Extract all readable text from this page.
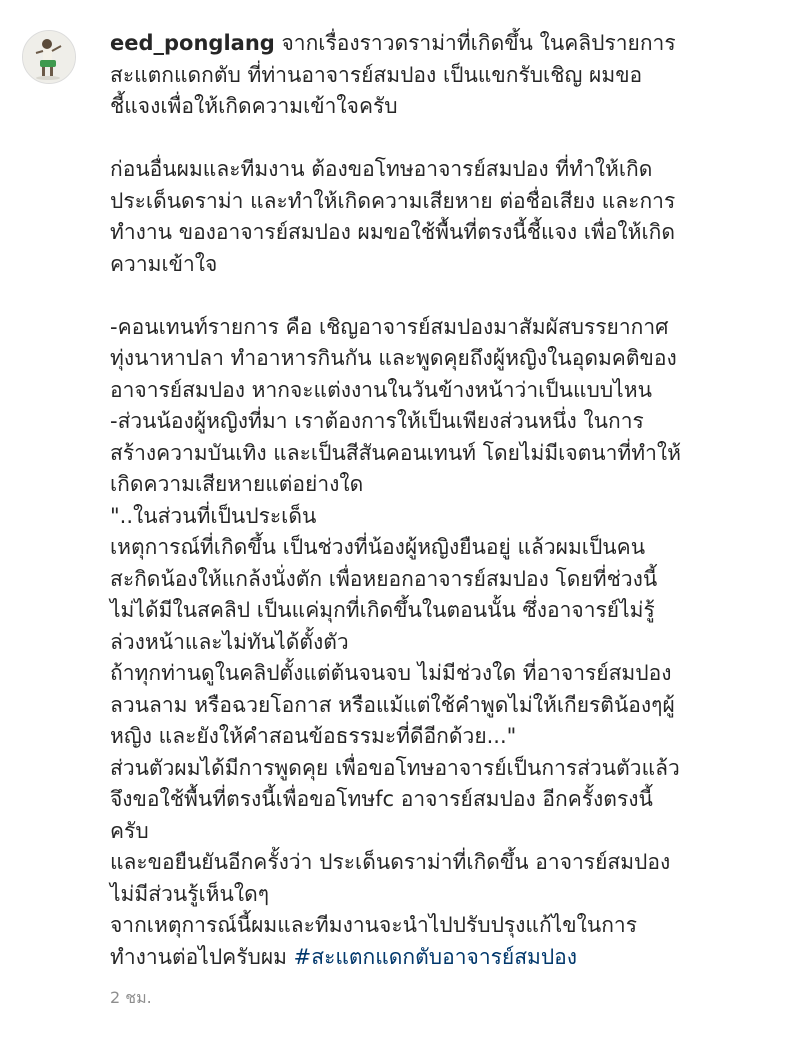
eed_ponglang จากเรื่องราวดราม่าที่เกิดขึ้น ในคลิปรายการ
สะแตกแดกตับ ที่ท่านอาจารย์สมปอง เป็นแขกรับเชิญ ผมขอ
ชี้แจงเพื่อให้เกิดความเข้าใจครับ

ก่อนอื่นผมและทีมงาน ต้องขอโทษอาจารย์สมปอง ที่ทำให้เกิด
ประเด็นดราม่า และทำให้เกิดความเสียหาย ต่อชื่อเสียง และการ
ทำงาน ของอาจารย์สมปอง ผมขอใช้พื้นที่ตรงนี้ชี้แจง เพื่อให้เกิด
ความเข้าใจ

-คอนเทนท์รายการ คือ เชิญอาจารย์สมปองมาสัมผัสบรรยากาศ
ทุ่งนาหาปลา ทำอาหารกินกัน และพูดคุยถึงผู้หญิงในอุดมคติของ
อาจารย์สมปอง หากจะแต่งงานในวันข้างหน้าว่าเป็นแบบไหน
-ส่วนน้องผู้หญิงที่มา เราต้องการให้เป็นเพียงส่วนหนึ่ง ในการ
สร้างความบันเทิง และเป็นสีสันคอนเทนท์ โดยไม่มีเจตนาที่ทำให้
เกิดความเสียหายแต่อย่างใด
"..ในส่วนที่เป็นประเด็น
เหตุการณ์ที่เกิดขึ้น เป็นช่วงที่น้องผู้หญิงยืนอยู่ แล้วผมเป็นคน
สะกิดน้องให้แกล้งนั่งตัก เพื่อหยอกอาจารย์สมปอง โดยที่ช่วงนี้
ไม่ได้มีในสคลิป เป็นแค่มุกที่เกิดขึ้นในตอนนั้น ซึ่งอาจารย์ไม่รู้
ล่วงหน้าและไม่ทันได้ตั้งตัว
ถ้าทุกท่านดูในคลิปตั้งแต่ต้นจนจบ ไม่มีช่วงใด ที่อาจารย์สมปอง
ลวนลาม หรือฉวยโอกาส หรือแม้แต่ใช้คำพูดไม่ให้เกียรติน้องๆผู้
หญิง และยังให้คำสอนข้อธรรมะที่ดีอีกด้วย..."
ส่วนตัวผมได้มีการพูดคุย เพื่อขอโทษอาจารย์เป็นการส่วนตัวแล้ว
จึงขอใช้พื้นที่ตรงนี้เพื่อขอโทษfc อาจารย์สมปอง อีกครั้งตรงนี้
ครับ
และขอยืนยันอีกครั้งว่า ประเด็นดราม่าที่เกิดขึ้น อาจารย์สมปอง
ไม่มีส่วนรู้เห็นใดๆ
จากเหตุการณ์นี้ผมและทีมงานจะนำไปปรับปรุงแก้ไขในการ
ทำงานต่อไปครับผม #สะแตกแดกตับอาจารย์สมปอง
2 ชม.
